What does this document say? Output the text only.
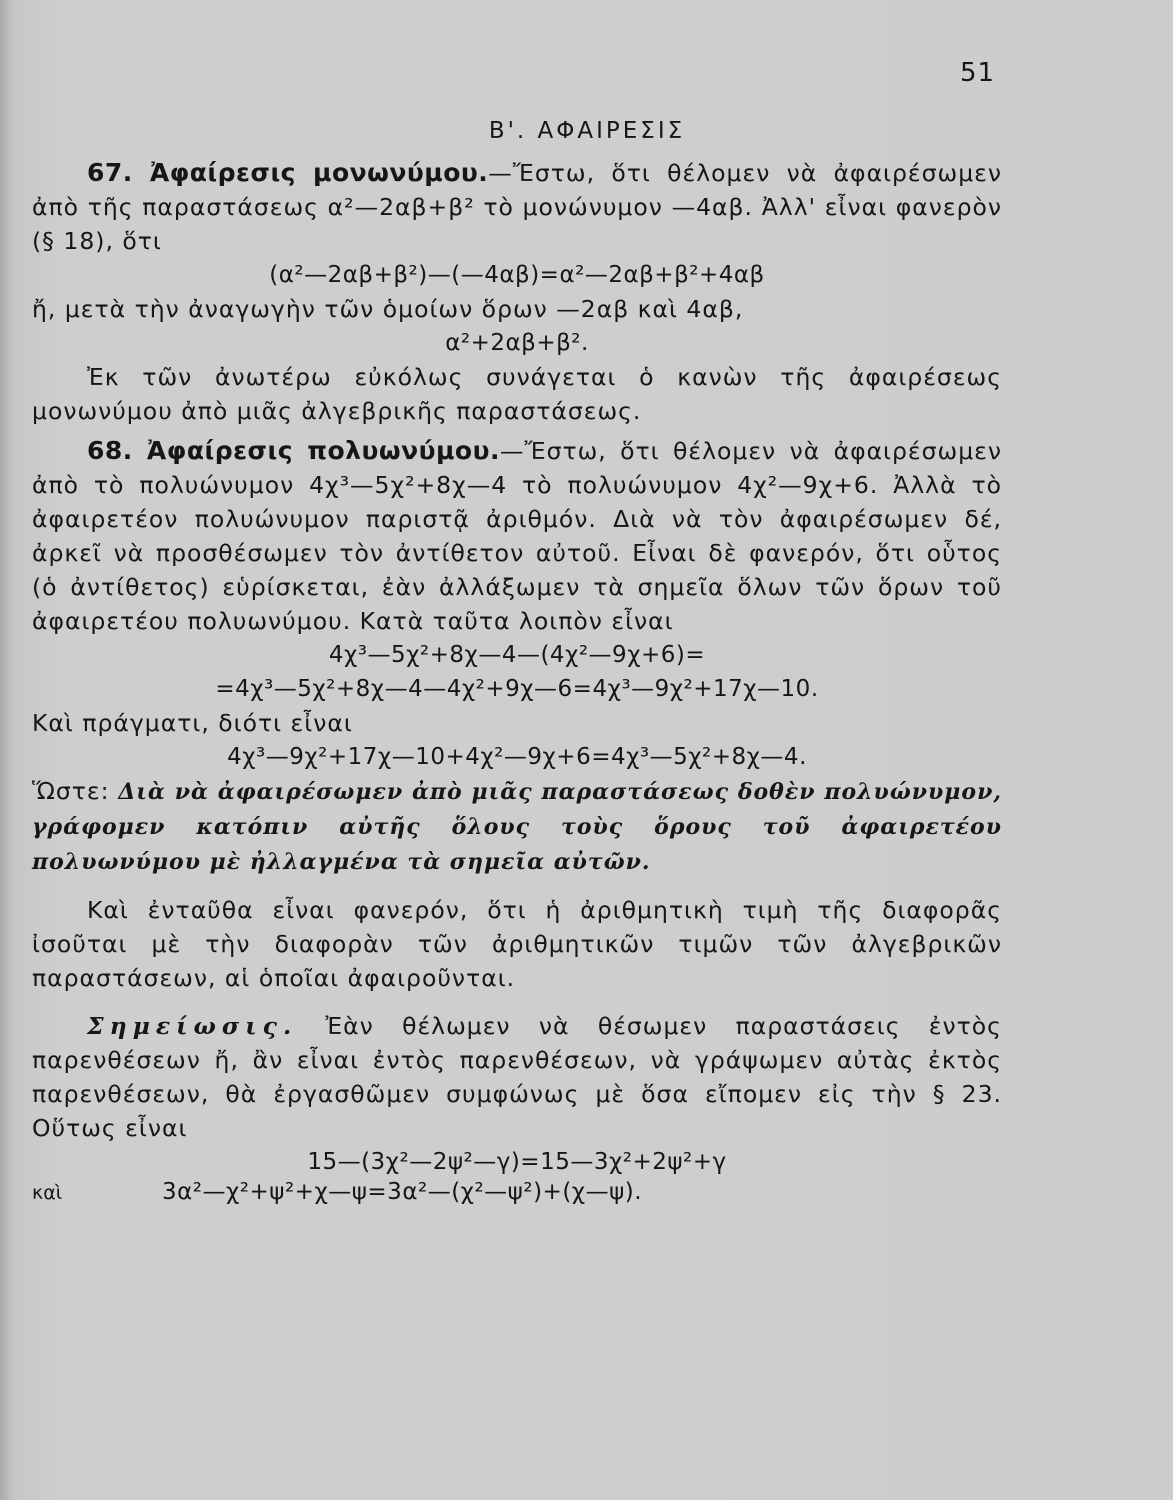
51
Β'. ΑΦΑΙΡΕΣΙΣ

67. Ἀφαίρεσις μονωνύμου.—Ἔστω, ὅτι θέλομεν νὰ ἀφαιρέσωμεν ἀπὸ τῆς παραστάσεως α²—2αβ+β² τὸ μονώνυμον —4αβ. Ἀλλ' εἶναι φανερὸν (§ 18), ὅτι

(α²—2αβ+β²)—(—4αβ)=α²—2αβ+β²+4αβ

ἤ, μετὰ τὴν ἀναγωγὴν τῶν ὁμοίων ὅρων —2αβ καὶ 4αβ,

α²+2αβ+β².

Ἐκ τῶν ἀνωτέρω εὐκόλως συνάγεται ὁ κανὼν τῆς ἀφαιρέσεως μονωνύμου ἀπὸ μιᾶς ἀλγεβρικῆς παραστάσεως.

68. Ἀφαίρεσις πολυωνύμου.—Ἔστω, ὅτι θέλομεν νὰ ἀφαιρέσωμεν ἀπὸ τὸ πολυώνυμον 4χ³—5χ²+8χ—4 τὸ πολυώνυμον 4χ²—9χ+6. Ἀλλὰ τὸ ἀφαιρετέον πολυώνυμον παριστᾷ ἀριθμόν. Διὰ νὰ τὸν ἀφαιρέσωμεν δέ, ἀρκεῖ νὰ προσθέσωμεν τὸν ἀντίθετον αὐτοῦ. Εἶναι δὲ φανερόν, ὅτι οὗτος (ὁ ἀντίθετος) εὑρίσκεται, ἐὰν ἀλλάξωμεν τὰ σημεῖα ὅλων τῶν ὅρων τοῦ ἀφαιρετέου πολυωνύμου. Κατὰ ταῦτα λοιπὸν εἶναι

4χ³—5χ²+8χ—4—(4χ²—9χ+6)=
=4χ³—5χ²+8χ—4—4χ²+9χ—6=4χ³—9χ²+17χ—10.

Καὶ πράγματι, διότι εἶναι

4χ³—9χ²+17χ—10+4χ²—9χ+6=4χ³—5χ²+8χ—4.

Ὥστε: Διὰ νὰ ἀφαιρέσωμεν ἀπὸ μιᾶς παραστάσεως δοθὲν πολυώνυμον, γράφομεν κατόπιν αὐτῆς ὅλους τοὺς ὅρους τοῦ ἀφαιρετέου πολυωνύμου μὲ ἠλλαγμένα τὰ σημεῖα αὐτῶν.

Καὶ ἐνταῦθα εἶναι φανερόν, ὅτι ἡ ἀριθμητικὴ τιμὴ τῆς διαφορᾶς ἰσοῦται μὲ τὴν διαφορὰν τῶν ἀριθμητικῶν τιμῶν τῶν ἀλγεβρικῶν παραστάσεων, αἱ ὁποῖαι ἀφαιροῦνται.

Σημείωσις. Ἐὰν θέλωμεν νὰ θέσωμεν παραστάσεις ἐντὸς παρενθέσεων ἤ, ἂν εἶναι ἐντὸς παρενθέσεων, νὰ γράψωμεν αὐτὰς ἐκτὸς παρενθέσεων, θὰ ἐργασθῶμεν συμφώνως μὲ ὅσα εἴπομεν εἰς τὴν § 23. Οὕτως εἶναι

15—(3χ²—2ψ²—γ)=15—3χ²+2ψ²+γ
καὶ	3α²—χ²+ψ²+χ—ψ=3α²—(χ²—ψ²)+(χ—ψ).
